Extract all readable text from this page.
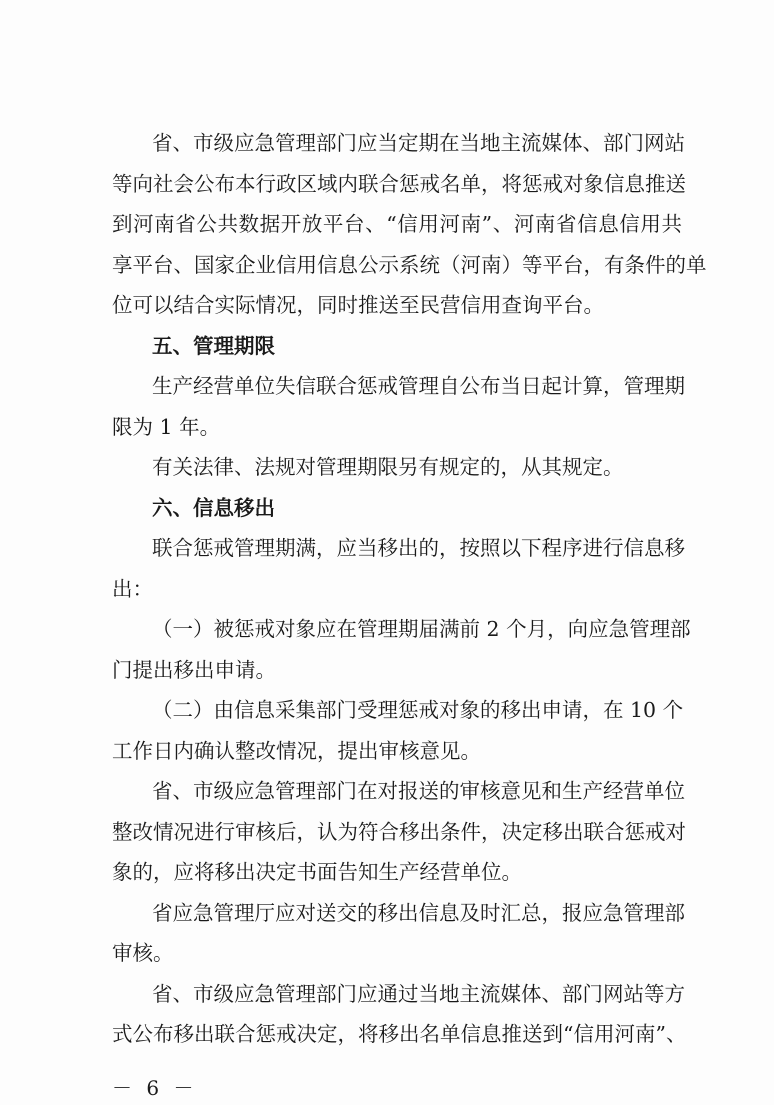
省、市级应急管理部门应当定期在当地主流媒体、部门网站
等向社会公布本行政区域内联合惩戒名单，将惩戒对象信息推送
到河南省公共数据开放平台、“信用河南”、河南省信息信用共
享平台、国家企业信用信息公示系统（河南）等平台，有条件的单
位可以结合实际情况，同时推送至民营信用查询平台。
五、管理期限
生产经营单位失信联合惩戒管理自公布当日起计算，管理期
限为 1 年。
有关法律、法规对管理期限另有规定的，从其规定。
六、信息移出
联合惩戒管理期满，应当移出的，按照以下程序进行信息移
出：
（一）被惩戒对象应在管理期届满前 2 个月，向应急管理部
门提出移出申请。
（二）由信息采集部门受理惩戒对象的移出申请，在 10 个
工作日内确认整改情况，提出审核意见。
省、市级应急管理部门在对报送的审核意见和生产经营单位
整改情况进行审核后，认为符合移出条件，决定移出联合惩戒对
象的，应将移出决定书面告知生产经营单位。
省应急管理厅应对送交的移出信息及时汇总，报应急管理部
审核。
省、市级应急管理部门应通过当地主流媒体、部门网站等方
式公布移出联合惩戒决定，将移出名单信息推送到“信用河南”、
－ 6 －
